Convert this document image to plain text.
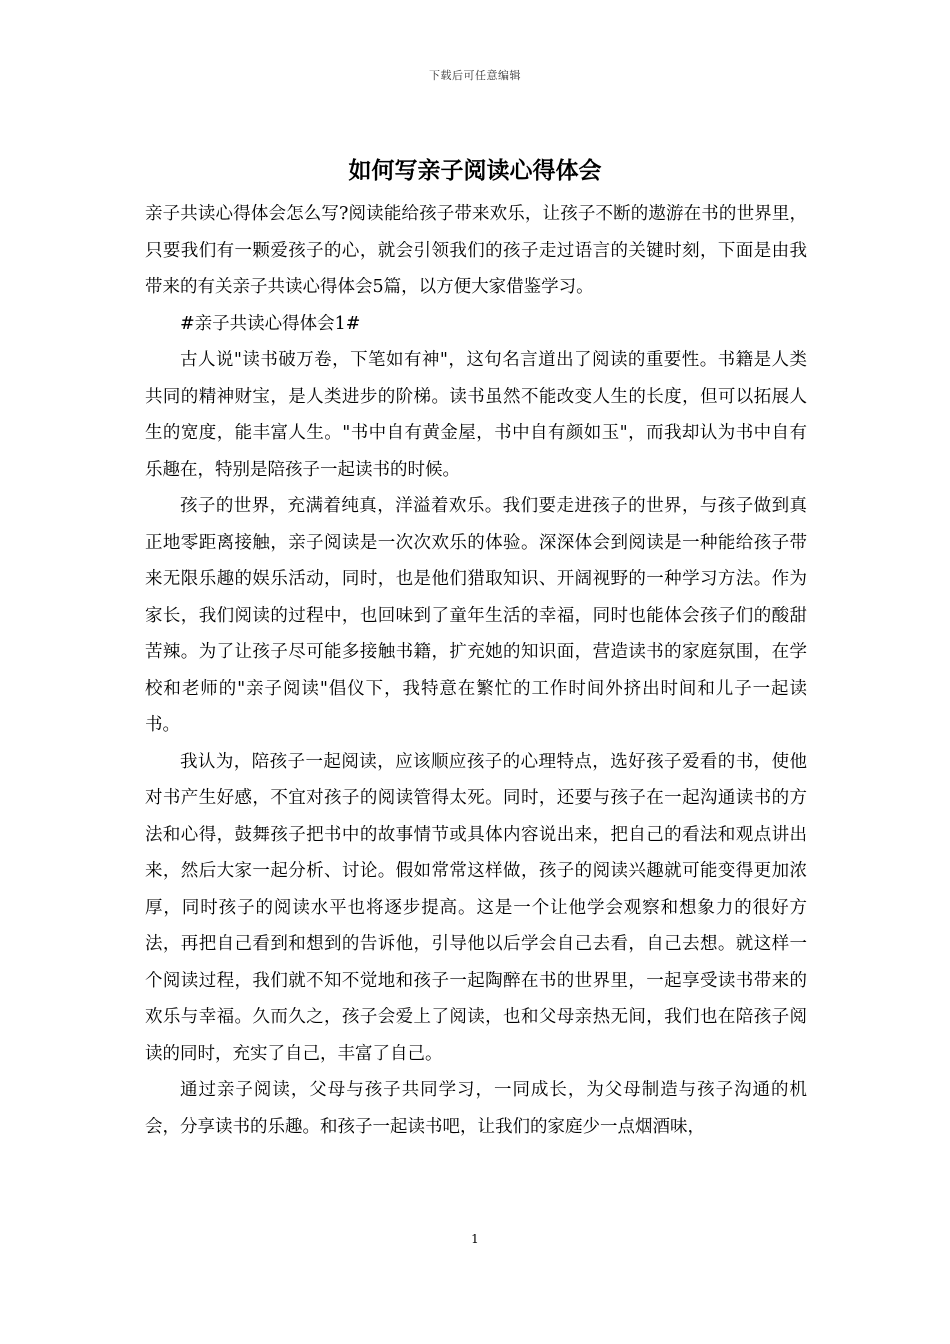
下载后可任意编辑
如何写亲子阅读心得体会

亲子共读心得体会怎么写?阅读能给孩子带来欢乐，让孩子不断的遨游在书的世界里，只要我们有一颗爱孩子的心，就会引领我们的孩子走过语言的关键时刻，下面是由我带来的有关亲子共读心得体会5篇，以方便大家借鉴学习。

#亲子共读心得体会1#

古人说"读书破万卷，下笔如有神"，这句名言道出了阅读的重要性。书籍是人类共同的精神财宝，是人类进步的阶梯。读书虽然不能改变人生的长度，但可以拓展人生的宽度，能丰富人生。"书中自有黄金屋，书中自有颜如玉"，而我却认为书中自有乐趣在，特别是陪孩子一起读书的时候。

孩子的世界，充满着纯真，洋溢着欢乐。我们要走进孩子的世界，与孩子做到真正地零距离接触，亲子阅读是一次次欢乐的体验。深深体会到阅读是一种能给孩子带来无限乐趣的娱乐活动，同时，也是他们猎取知识、开阔视野的一种学习方法。作为家长，我们阅读的过程中，也回味到了童年生活的幸福，同时也能体会孩子们的酸甜苦辣。为了让孩子尽可能多接触书籍，扩充她的知识面，营造读书的家庭氛围，在学校和老师的"亲子阅读"倡仪下，我特意在繁忙的工作时间外挤出时间和儿子一起读书。

我认为，陪孩子一起阅读，应该顺应孩子的心理特点，选好孩子爱看的书，使他对书产生好感，不宜对孩子的阅读管得太死。同时，还要与孩子在一起沟通读书的方法和心得，鼓舞孩子把书中的故事情节或具体内容说出来，把自己的看法和观点讲出来，然后大家一起分析、讨论。假如常常这样做，孩子的阅读兴趣就可能变得更加浓厚，同时孩子的阅读水平也将逐步提高。这是一个让他学会观察和想象力的很好方法，再把自己看到和想到的告诉他，引导他以后学会自己去看，自己去想。就这样一个阅读过程，我们就不知不觉地和孩子一起陶醉在书的世界里，一起享受读书带来的欢乐与幸福。久而久之，孩子会爱上了阅读，也和父母亲热无间，我们也在陪孩子阅读的同时，充实了自己，丰富了自己。

通过亲子阅读，父母与孩子共同学习，一同成长，为父母制造与孩子沟通的机会，分享读书的乐趣。和孩子一起读书吧，让我们的家庭少一点烟酒味，

1
